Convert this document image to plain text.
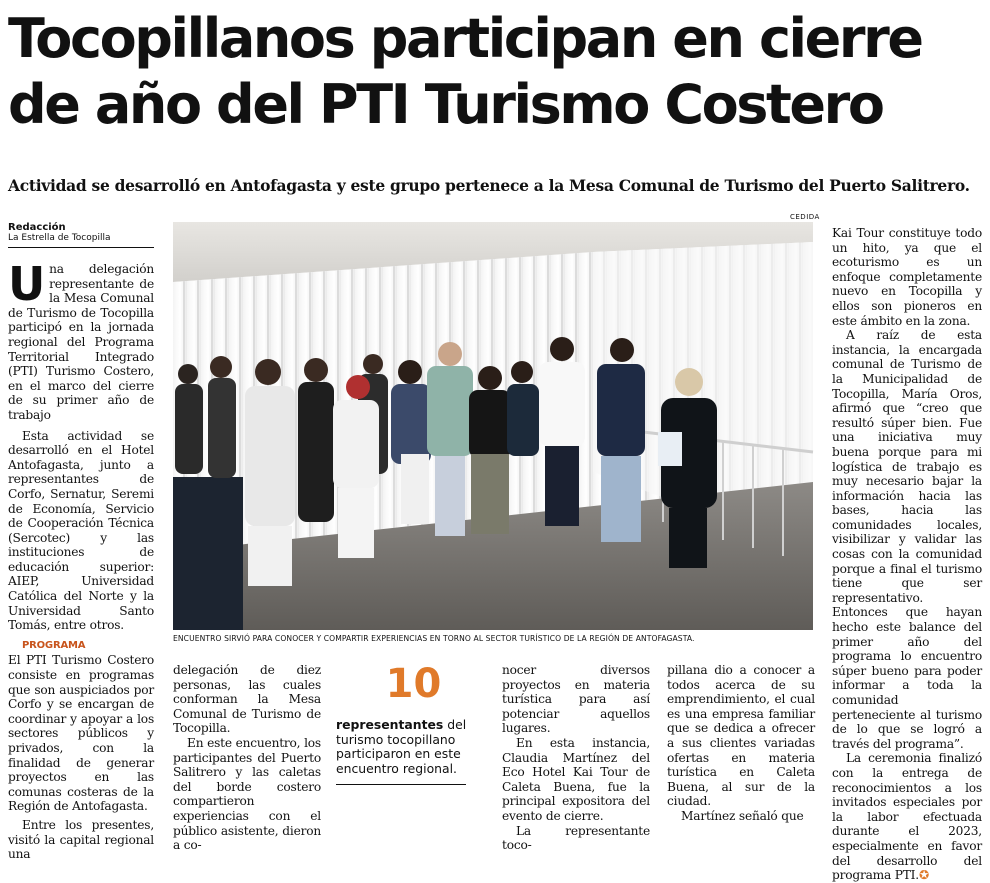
Tocopillanos participan en cierre de año del PTI Turismo Costero
Actividad se desarrolló en Antofagasta y este grupo pertenece a la Mesa Comunal de Turismo del Puerto Salitrero.
Redacción
La Estrella de Tocopilla

Una delegación representante de la Mesa Comunal de Turismo de Tocopilla participó en la jornada regional del Programa Territorial Integrado (PTI) Turismo Costero, en el marco del cierre de su primer año de trabajo

Esta actividad se desarrolló en el Hotel Antofagasta, junto a representantes de Corfo, Sernatur, Seremi de Economía, Servicio de Cooperación Técnica (Sercotec) y las instituciones de educación superior: AIEP, Universidad Católica del Norte y la Universidad Santo Tomás, entre otros.

PROGRAMA

El PTI Turismo Costero consiste en programas que son auspiciados por Corfo y se encargan de coordinar y apoyar a los sectores públicos y privados, con la finalidad de generar proyectos en las comunas costeras de la Región de Antofagasta.

Entre los presentes, visitó la capital regional una

CEDIDA
ENCUENTRO SIRVIÓ PARA CONOCER Y COMPARTIR EXPERIENCIAS EN TORNO AL SECTOR TURÍSTICO DE LA REGIÓN DE ANTOFAGASTA.

delegación de diez personas, las cuales conforman la Mesa Comunal de Turismo de Tocopilla.

En este encuentro, los participantes del Puerto Salitrero y las caletas del borde costero compartieron experiencias con el público asistente, dieron a co-

10
representantes del turismo tocopillano participaron en este encuentro regional.

nocer diversos proyectos en materia turística para así potenciar aquellos lugares.

En esta instancia, Claudia Martínez del Eco Hotel Kai Tour de Caleta Buena, fue la principal expositora del evento de cierre.

La representante toco-

pillana dio a conocer a todos acerca de su emprendimiento, el cual es una empresa familiar que se dedica a ofrecer a sus clientes variadas ofertas en materia turística en Caleta Buena, al sur de la ciudad.

Martínez señaló que

Kai Tour constituye todo un hito, ya que el ecoturismo es un enfoque completamente nuevo en Tocopilla y ellos son pioneros en este ámbito en la zona.

A raíz de esta instancia, la encargada comunal de Turismo de la Municipalidad de Tocopilla, María Oros, afirmó que “creo que resultó súper bien. Fue una iniciativa muy buena porque para mi logística de trabajo es muy necesario bajar la información hacia las bases, hacia las comunidades locales, visibilizar y validar las cosas con la comunidad porque a final el turismo tiene que ser representativo. Entonces que hayan hecho este balance del primer año del programa lo encuentro súper bueno para poder informar a toda la comunidad perteneciente al turismo de lo que se logró a través del programa”.

La ceremonia finalizó con la entrega de reconocimientos a los invitados especiales por la labor efectuada durante el 2023, especialmente en favor del desarrollo del programa PTI.✪
